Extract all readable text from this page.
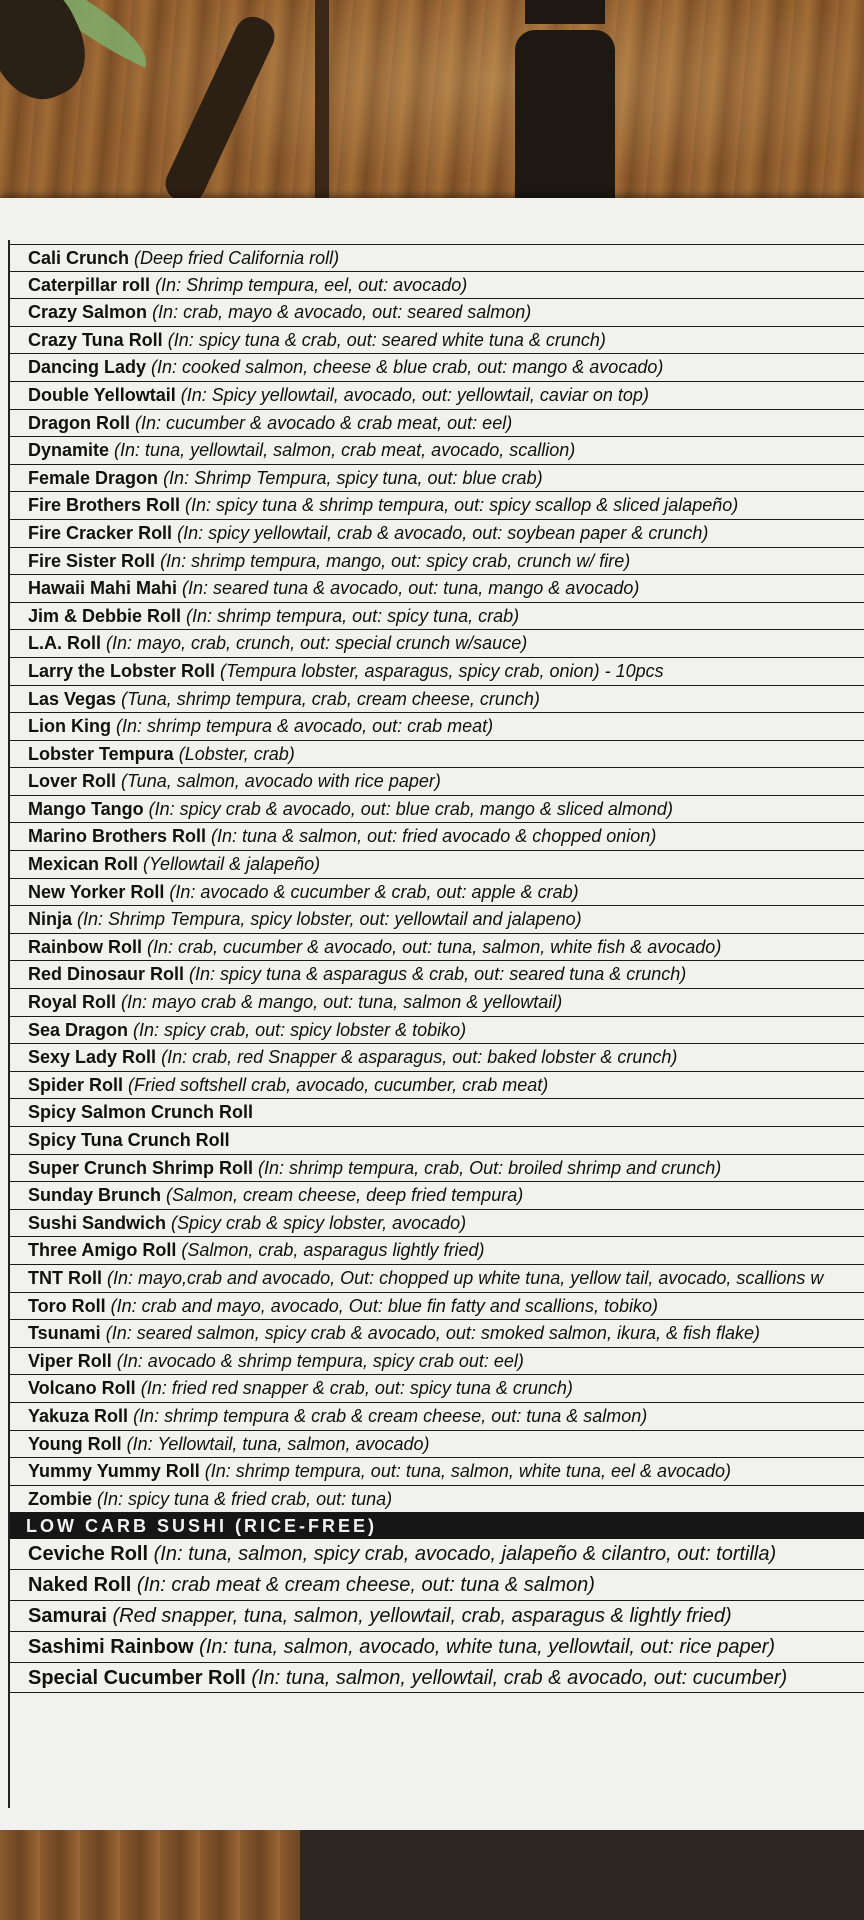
Cali Crunch (Deep fried California roll)
Caterpillar roll (In: Shrimp tempura, eel, out: avocado)
Crazy Salmon (In: crab, mayo & avocado, out: seared salmon)
Crazy Tuna Roll (In: spicy tuna & crab, out: seared white tuna & crunch)
Dancing Lady (In: cooked salmon, cheese & blue crab, out: mango & avocado)
Double Yellowtail (In: Spicy yellowtail, avocado, out: yellowtail, caviar on top)
Dragon Roll (In: cucumber & avocado & crab meat, out: eel)
Dynamite (In: tuna, yellowtail, salmon, crab meat, avocado, scallion)
Female Dragon (In: Shrimp Tempura, spicy tuna, out: blue crab)
Fire Brothers Roll (In: spicy tuna & shrimp tempura, out: spicy scallop & sliced jalapeño)
Fire Cracker Roll (In: spicy yellowtail, crab & avocado, out: soybean paper & crunch)
Fire Sister Roll (In: shrimp tempura, mango, out: spicy crab, crunch w/ fire)
Hawaii Mahi Mahi (In: seared tuna & avocado, out: tuna, mango & avocado)
Jim & Debbie Roll (In: shrimp tempura, out: spicy tuna, crab)
L.A. Roll (In: mayo, crab, crunch, out: special crunch w/sauce)
Larry the Lobster Roll (Tempura lobster, asparagus, spicy crab, onion) - 10pcs
Las Vegas (Tuna, shrimp tempura, crab, cream cheese, crunch)
Lion King (In: shrimp tempura & avocado, out: crab meat)
Lobster Tempura (Lobster, crab)
Lover Roll (Tuna, salmon, avocado with rice paper)
Mango Tango (In: spicy crab & avocado, out: blue crab, mango & sliced almond)
Marino Brothers Roll (In: tuna & salmon, out: fried avocado & chopped onion)
Mexican Roll (Yellowtail & jalapeño)
New Yorker Roll (In: avocado & cucumber & crab, out: apple & crab)
Ninja (In: Shrimp Tempura, spicy lobster, out: yellowtail and jalapeno)
Rainbow Roll (In: crab, cucumber & avocado, out: tuna, salmon, white fish & avocado)
Red Dinosaur Roll (In: spicy tuna & asparagus & crab, out: seared tuna & crunch)
Royal Roll (In: mayo crab & mango, out: tuna, salmon & yellowtail)
Sea Dragon (In: spicy crab, out: spicy lobster & tobiko)
Sexy Lady Roll (In: crab, red Snapper & asparagus, out: baked lobster & crunch)
Spider Roll (Fried softshell crab, avocado, cucumber, crab meat)
Spicy Salmon Crunch Roll
Spicy Tuna Crunch Roll
Super Crunch Shrimp Roll (In: shrimp tempura, crab, Out: broiled shrimp and crunch)
Sunday Brunch (Salmon, cream cheese, deep fried tempura)
Sushi Sandwich (Spicy crab & spicy lobster, avocado)
Three Amigo Roll (Salmon, crab, asparagus lightly fried)
TNT Roll (In: mayo,crab and avocado, Out: chopped up white tuna, yellow tail, avocado, scallions w
Toro Roll (In: crab and mayo, avocado, Out: blue fin fatty and scallions, tobiko)
Tsunami (In: seared salmon, spicy crab & avocado, out: smoked salmon, ikura, & fish flake)
Viper Roll (In: avocado & shrimp tempura, spicy crab out: eel)
Volcano Roll (In: fried red snapper & crab, out: spicy tuna & crunch)
Yakuza Roll (In: shrimp tempura & crab & cream cheese, out: tuna & salmon)
Young Roll (In: Yellowtail, tuna, salmon, avocado)
Yummy Yummy Roll (In: shrimp tempura, out: tuna, salmon, white tuna, eel & avocado)
Zombie (In: spicy tuna & fried crab, out: tuna)
LOW CARB SUSHI (RICE-FREE)
Ceviche Roll (In: tuna, salmon, spicy crab, avocado, jalapeño & cilantro, out: tortilla)
Naked Roll (In: crab meat & cream cheese, out: tuna & salmon)
Samurai (Red snapper, tuna, salmon, yellowtail, crab, asparagus & lightly fried)
Sashimi Rainbow (In: tuna, salmon, avocado, white tuna, yellowtail, out: rice paper)
Special Cucumber Roll (In: tuna, salmon, yellowtail, crab & avocado, out: cucumber)
